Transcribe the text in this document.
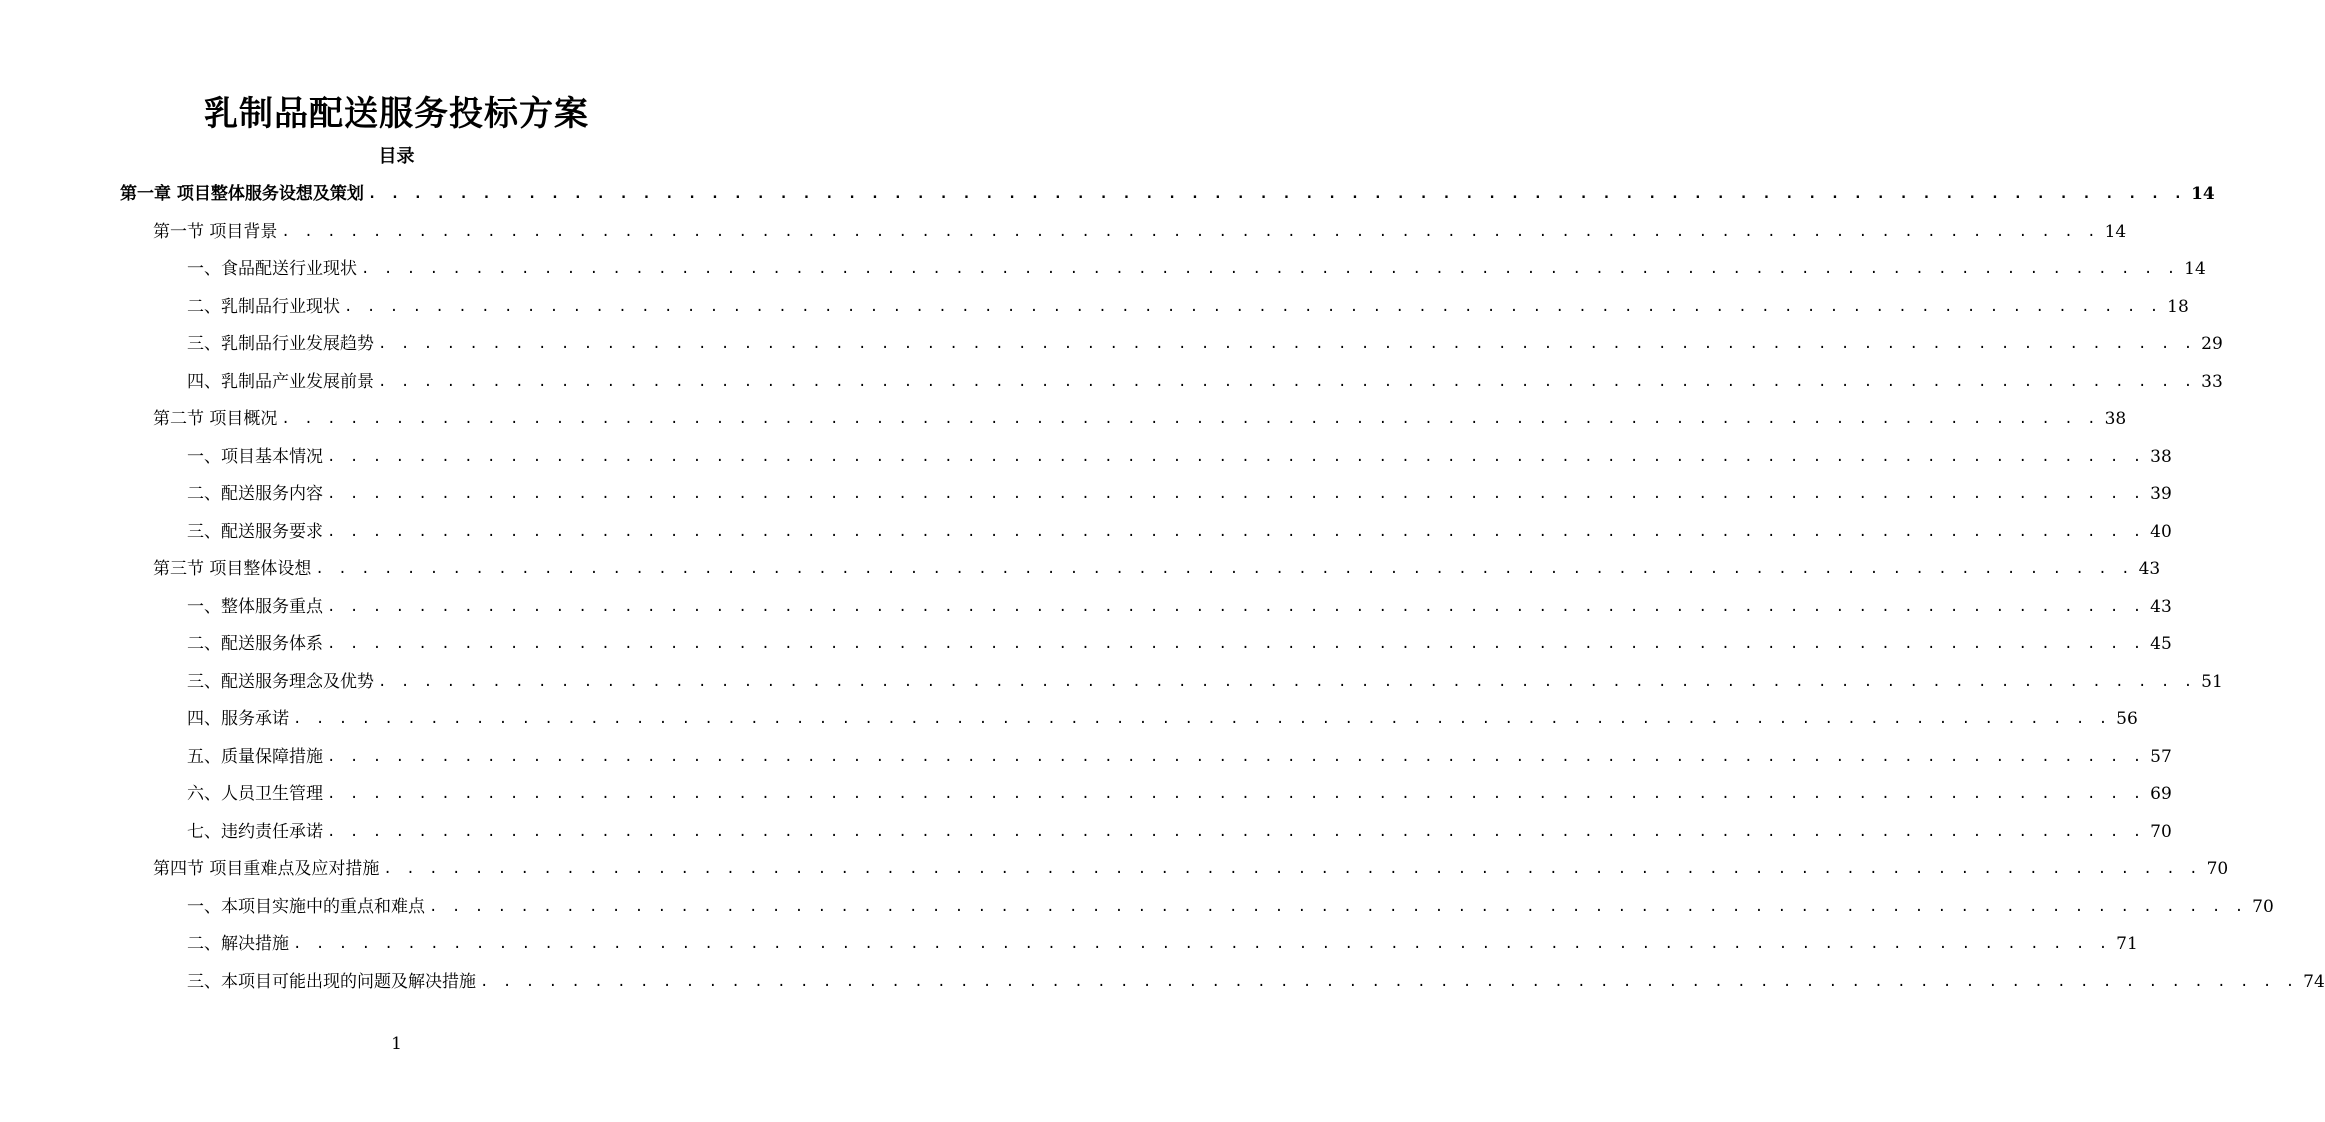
乳制品配送服务投标方案
目录
第一章 项目整体服务设想及策划 . . . . . . . . . . . . . . . . . . . . . . . . . . . . . . . . . . . . . . . . . . . . . . . . . . . . . . . . . . . . . . . . . . . . . . . . . . . . . . . . 14
第一节 项目背景 . . . . . . . . . . . . . . . . . . . . . . . . . . . . . . . . . . . . . . . . . . . . . . . . . . . . . . . . . . . . . . . . . . . . . . . . . . . . . . . . 14
一、食品配送行业现状 . . . . . . . . . . . . . . . . . . . . . . . . . . . . . . . . . . . . . . . . . . . . . . . . . . . . . . . . . . . . . . . . . . . . . . . . . . . . . . . . 14
二、乳制品行业现状 . . . . . . . . . . . . . . . . . . . . . . . . . . . . . . . . . . . . . . . . . . . . . . . . . . . . . . . . . . . . . . . . . . . . . . . . . . . . . . . . 18
三、乳制品行业发展趋势 . . . . . . . . . . . . . . . . . . . . . . . . . . . . . . . . . . . . . . . . . . . . . . . . . . . . . . . . . . . . . . . . . . . . . . . . . . . . . . . . 29
四、乳制品产业发展前景 . . . . . . . . . . . . . . . . . . . . . . . . . . . . . . . . . . . . . . . . . . . . . . . . . . . . . . . . . . . . . . . . . . . . . . . . . . . . . . . . 33
第二节 项目概况 . . . . . . . . . . . . . . . . . . . . . . . . . . . . . . . . . . . . . . . . . . . . . . . . . . . . . . . . . . . . . . . . . . . . . . . . . . . . . . . . 38
一、项目基本情况 . . . . . . . . . . . . . . . . . . . . . . . . . . . . . . . . . . . . . . . . . . . . . . . . . . . . . . . . . . . . . . . . . . . . . . . . . . . . . . . . 38
二、配送服务内容 . . . . . . . . . . . . . . . . . . . . . . . . . . . . . . . . . . . . . . . . . . . . . . . . . . . . . . . . . . . . . . . . . . . . . . . . . . . . . . . . 39
三、配送服务要求 . . . . . . . . . . . . . . . . . . . . . . . . . . . . . . . . . . . . . . . . . . . . . . . . . . . . . . . . . . . . . . . . . . . . . . . . . . . . . . . . 40
第三节 项目整体设想 . . . . . . . . . . . . . . . . . . . . . . . . . . . . . . . . . . . . . . . . . . . . . . . . . . . . . . . . . . . . . . . . . . . . . . . . . . . . . . . . 43
一、整体服务重点 . . . . . . . . . . . . . . . . . . . . . . . . . . . . . . . . . . . . . . . . . . . . . . . . . . . . . . . . . . . . . . . . . . . . . . . . . . . . . . . . 43
二、配送服务体系 . . . . . . . . . . . . . . . . . . . . . . . . . . . . . . . . . . . . . . . . . . . . . . . . . . . . . . . . . . . . . . . . . . . . . . . . . . . . . . . . 45
三、配送服务理念及优势 . . . . . . . . . . . . . . . . . . . . . . . . . . . . . . . . . . . . . . . . . . . . . . . . . . . . . . . . . . . . . . . . . . . . . . . . . . . . . . . . 51
四、服务承诺 . . . . . . . . . . . . . . . . . . . . . . . . . . . . . . . . . . . . . . . . . . . . . . . . . . . . . . . . . . . . . . . . . . . . . . . . . . . . . . . . 56
五、质量保障措施 . . . . . . . . . . . . . . . . . . . . . . . . . . . . . . . . . . . . . . . . . . . . . . . . . . . . . . . . . . . . . . . . . . . . . . . . . . . . . . . . 57
六、人员卫生管理 . . . . . . . . . . . . . . . . . . . . . . . . . . . . . . . . . . . . . . . . . . . . . . . . . . . . . . . . . . . . . . . . . . . . . . . . . . . . . . . . 69
七、违约责任承诺 . . . . . . . . . . . . . . . . . . . . . . . . . . . . . . . . . . . . . . . . . . . . . . . . . . . . . . . . . . . . . . . . . . . . . . . . . . . . . . . . 70
第四节 项目重难点及应对措施 . . . . . . . . . . . . . . . . . . . . . . . . . . . . . . . . . . . . . . . . . . . . . . . . . . . . . . . . . . . . . . . . . . . . . . . . . . . . . . . . 70
一、本项目实施中的重点和难点 . . . . . . . . . . . . . . . . . . . . . . . . . . . . . . . . . . . . . . . . . . . . . . . . . . . . . . . . . . . . . . . . . . . . . . . . . . . . . . . . 70
二、解决措施 . . . . . . . . . . . . . . . . . . . . . . . . . . . . . . . . . . . . . . . . . . . . . . . . . . . . . . . . . . . . . . . . . . . . . . . . . . . . . . . . 71
三、本项目可能出现的问题及解决措施 . . . . . . . . . . . . . . . . . . . . . . . . . . . . . . . . . . . . . . . . . . . . . . . . . . . . . . . . . . . . . . . . . . . . . . . . . . . . . . . . 74
1
